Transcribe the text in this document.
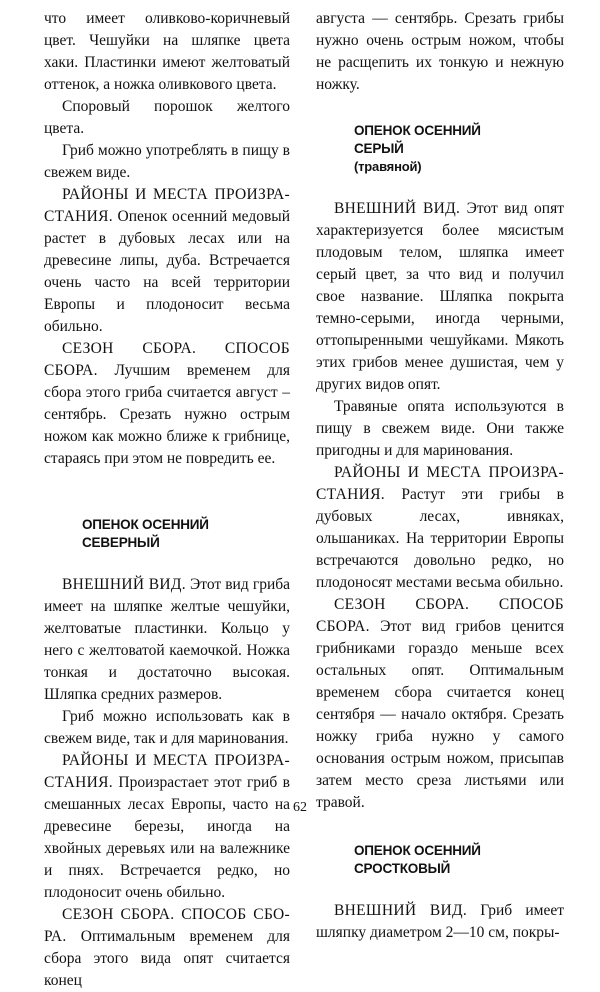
что имеет оливково-коричневый цвет. Чешуйки на шляпке цвета хаки. Пластинки имеют желтоватый оттенок, а ножка оливкового цвета.

Споровый порошок желтого цвета.

Гриб можно употреблять в пищу в свежем виде.

РАЙОНЫ И МЕСТА ПРОИЗРА-СТАНИЯ. Опенок осенний медовый растет в дубовых лесах или на древесине липы, дуба. Встречается очень часто на всей территории Европы и плодоносит весьма обильно.

СЕЗОН СБОРА. СПОСОБ СБОРА. Лучшим временем для сбора этого гриба считается август ‒ сентябрь. Срезать нужно острым ножом как можно ближе к грибнице, стараясь при этом не повредить ее.

ОПЕНОК ОСЕННИЙ
СЕВЕРНЫЙ

ВНЕШНИЙ ВИД. Этот вид гриба имеет на шляпке желтые чешуйки, желтоватые пластинки. Кольцо у него с желтоватой каемочкой. Ножка тонкая и достаточно высокая. Шляпка средних размеров.

Гриб можно использовать как в свежем виде, так и для маринования.

РАЙОНЫ И МЕСТА ПРОИЗРА-СТАНИЯ. Произрастает этот гриб в смешанных лесах Европы, часто на древесине березы, иногда на хвойных деревьях или на валежнике и пнях. Встречается редко, но плодоносит очень обильно.

СЕЗОН СБОРА. СПОСОБ СБО-РА. Оптимальным временем для сбора этого вида опят считается конец

августа — сентябрь. Срезать грибы нужно очень острым ножом, чтобы не расщепить их тонкую и нежную ножку.

ОПЕНОК ОСЕННИЙ
СЕРЫЙ
(травяной)

ВНЕШНИЙ ВИД. Этот вид опят характеризуется более мясистым плодовым телом, шляпка имеет серый цвет, за что вид и получил свое название. Шляпка покрыта темно-серыми, иногда черными, оттопыренными чешуйками. Мякоть этих грибов менее душистая, чем у других видов опят.

Травяные опята используются в пищу в свежем виде. Они также пригодны и для маринования.

РАЙОНЫ И МЕСТА ПРОИЗРА-СТАНИЯ. Растут эти грибы в дубовых лесах, ивняках, ольшаниках. На территории Европы встречаются довольно редко, но плодоносят местами весьма обильно.

СЕЗОН СБОРА. СПОСОБ СБОРА. Этот вид грибов ценится грибниками гораздо меньше всех остальных опят. Оптимальным временем сбора считается конец сентября — начало октября. Срезать ножку гриба нужно у самого основания острым ножом, присыпав затем место среза листьями или травой.

ОПЕНОК ОСЕННИЙ
СРОСТКОВЫЙ

ВНЕШНИЙ ВИД. Гриб имеет шляпку диаметром 2—10 см, покры-

62
